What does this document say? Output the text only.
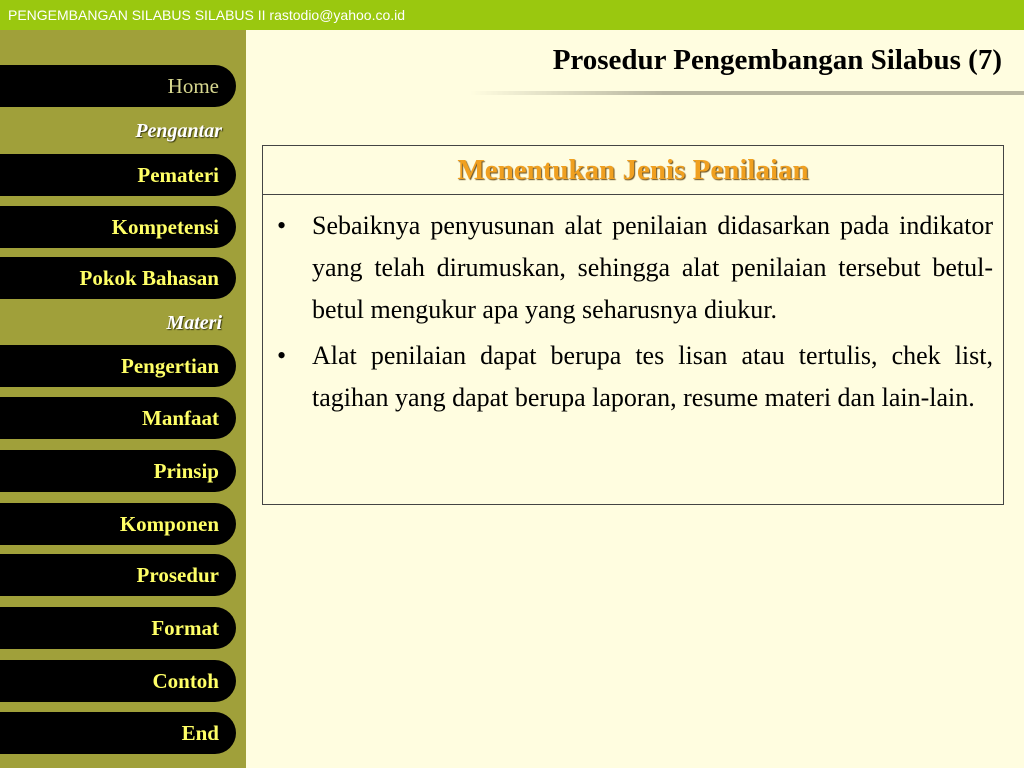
PENGEMBANGAN SILABUS SILABUS II rastodio@yahoo.co.id
Home
Pengantar
Pemateri
Kompetensi
Pokok Bahasan
Materi
Pengertian
Manfaat
Prinsip
Komponen
Prosedur
Format
Contoh
End
Prosedur Pengembangan Silabus (7)
Menentukan Jenis Penilaian
• Sebaiknya penyusunan alat penilaian didasarkan pada indikator yang telah dirumuskan, sehingga alat penilaian tersebut betul-betul mengukur apa yang seharusnya diukur.
• Alat penilaian dapat berupa tes lisan atau tertulis, chek list, tagihan yang dapat berupa laporan, resume materi dan lain-lain.
